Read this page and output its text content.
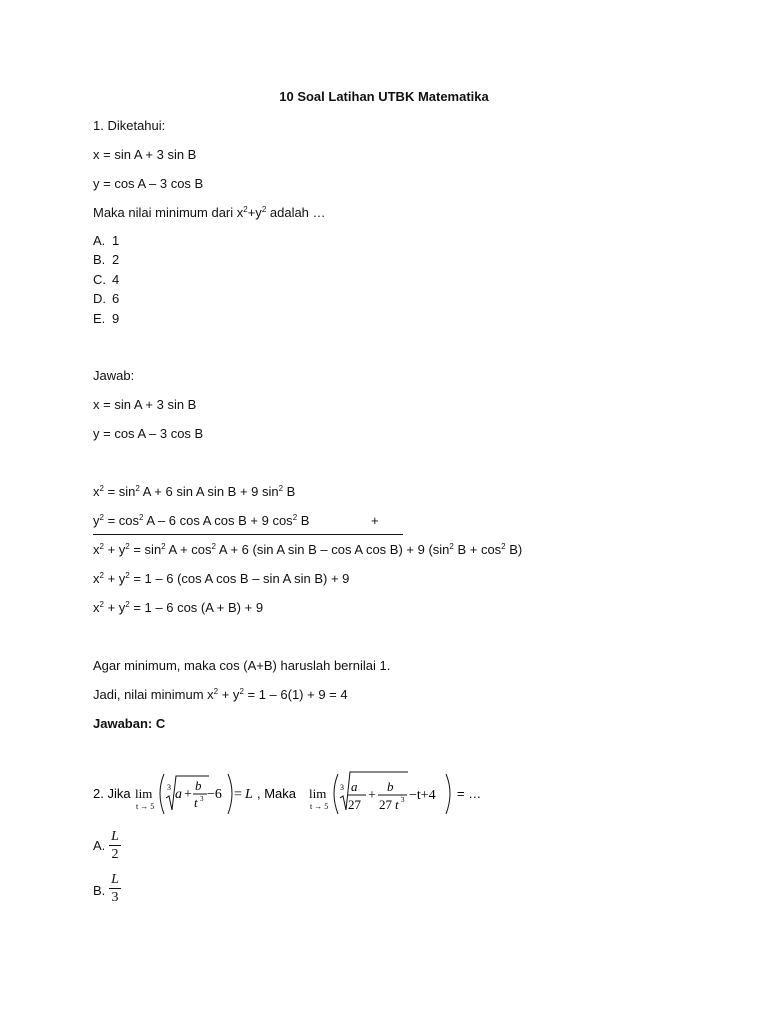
10 Soal Latihan UTBK Matematika
1. Diketahui:
x = sin A + 3 sin B
y = cos A – 3 cos B
Maka nilai minimum dari $x^2+y^2$ adalah …
A. 1
B. 2
C. 4
D. 6
E. 9
Jawab:
x = sin A + 3 sin B
y = cos A – 3 cos B
$x^2 = \sin^2 A + 6$ sin A sin B + 9 $\sin^2 B$
$y^2 = \cos^2 A - 6$ cos A cos B + 9 $\cos^2 B$	+
$x^2 + y^2 = \sin^2 A + \cos^2 A + 6$ (sin A sin B – cos A cos B) + 9 ($\sin^2$ $B + \cos^2 B$)
$x^2 + y^2 = 1 - 6$ (cos A cos B – sin A sin B) + 9
$x^2 + y^2 = 1 - 6$ cos (A + B) + 9
Agar minimum, maka cos (A+B) haruslah bernilai 1.
Jadi, nilai minimum $x^2 + y^2 = 1 - 6(1) + 9 = 4$
Jawaban: C
2. Jika lim
t → 5
3 a +
b
t 3 −6 = L , Maka lim
t → 5
3 a
27
+
b
27 t 3 −t+4 = …
A.
L
2
B.
L
3
